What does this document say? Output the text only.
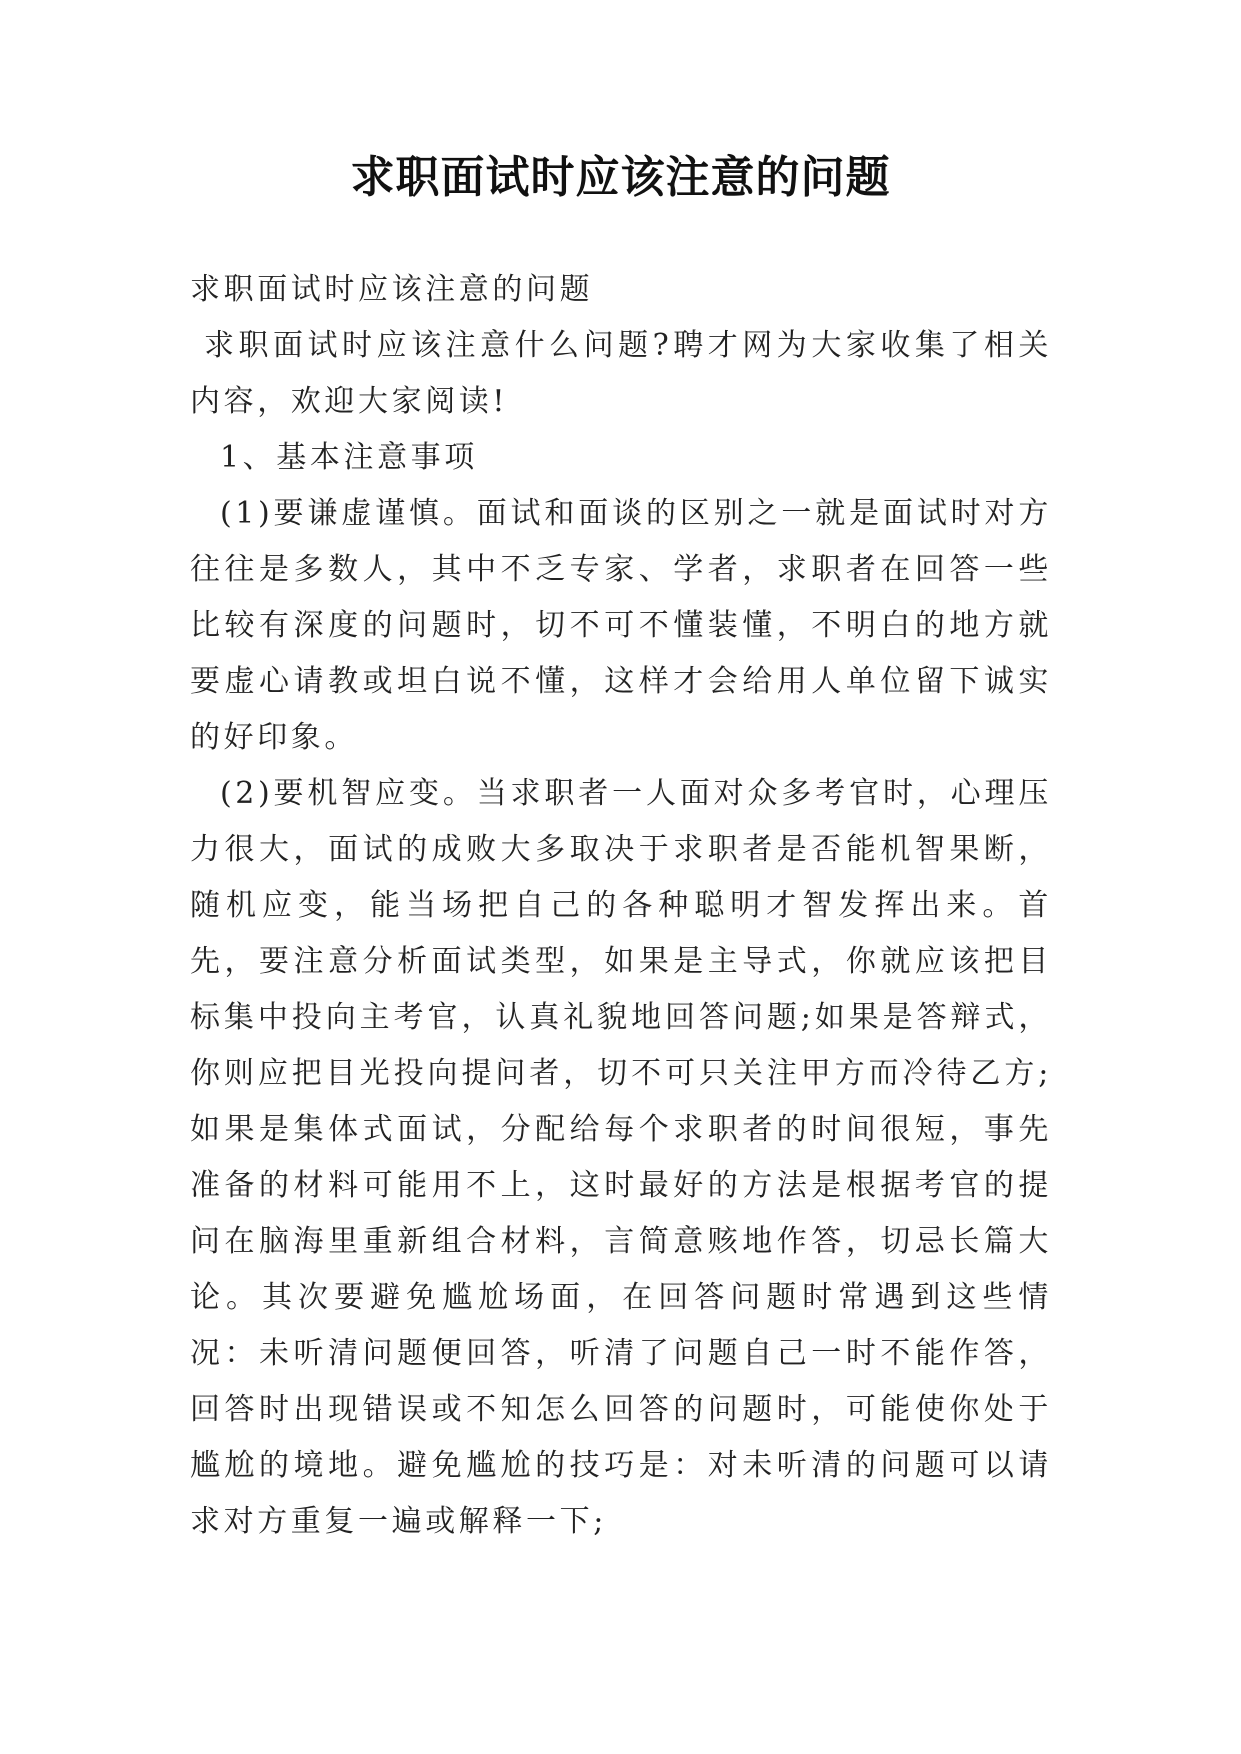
求职面试时应该注意的问题

求职面试时应该注意的问题

求职面试时应该注意什么问题?聘才网为大家收集了相关内容，欢迎大家阅读!

1、基本注意事项

(1)要谦虚谨慎。面试和面谈的区别之一就是面试时对方往往是多数人，其中不乏专家、学者，求职者在回答一些比较有深度的问题时，切不可不懂装懂，不明白的地方就要虚心请教或坦白说不懂，这样才会给用人单位留下诚实的好印象。

(2)要机智应变。当求职者一人面对众多考官时，心理压力很大，面试的成败大多取决于求职者是否能机智果断，随机应变，能当场把自己的各种聪明才智发挥出来。首先，要注意分析面试类型，如果是主导式，你就应该把目标集中投向主考官，认真礼貌地回答问题;如果是答辩式，你则应把目光投向提问者，切不可只关注甲方而冷待乙方;如果是集体式面试，分配给每个求职者的时间很短，事先准备的材料可能用不上，这时最好的方法是根据考官的提问在脑海里重新组合材料，言简意赅地作答，切忌长篇大论。其次要避免尴尬场面，在回答问题时常遇到这些情况：未听清问题便回答，听清了问题自己一时不能作答，回答时出现错误或不知怎么回答的问题时，可能使你处于尴尬的境地。避免尴尬的技巧是：对未听清的问题可以请求对方重复一遍或解释一下;
